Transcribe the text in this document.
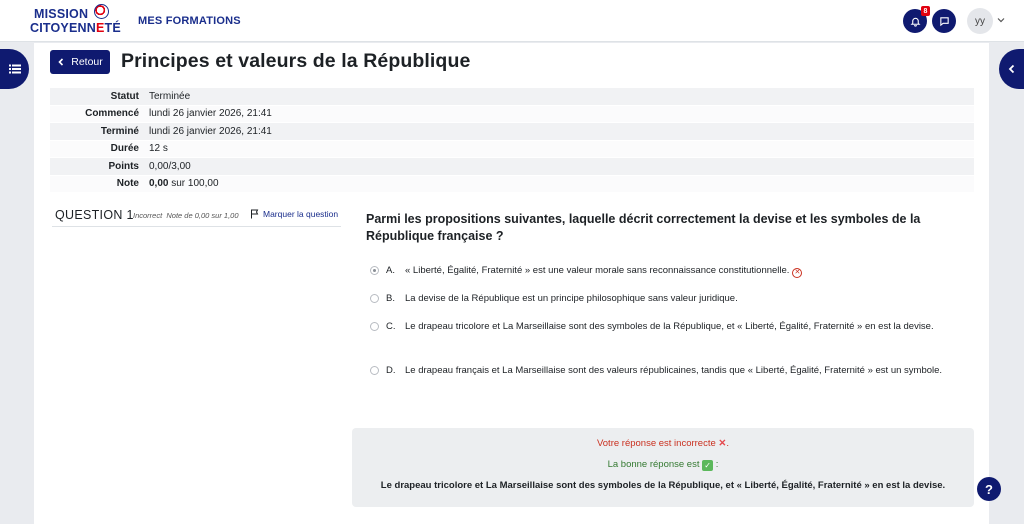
MISSION
CITOYENNETÉ MES FORMATIONS
8
yy
Retour Principes et valeurs de la République
Statut	Terminée
Commencé	lundi 26 janvier 2026, 21:41
Terminé	lundi 26 janvier 2026, 21:41
Durée	12 s
Points	0,00/3,00
Note	0,00 sur 100,00
QUESTION 1 Incorrect Note de 0,00 sur 1,00	Marquer la question Parmi les propositions suivantes, laquelle décrit correctement la devise et les symboles de la République française ?
A. « Liberté, Égalité, Fraternité » est une valeur morale sans reconnaissance constitutionnelle. ✕
B. La devise de la République est un principe philosophique sans valeur juridique.
C. Le drapeau tricolore et La Marseillaise sont des symboles de la République, et « Liberté, Égalité, Fraternité » en est la devise.
D. Le drapeau français et La Marseillaise sont des valeurs républicaines, tandis que « Liberté, Égalité, Fraternité » est un symbole.
Votre réponse est incorrecte ✕.
La bonne réponse est ✓ :
Le drapeau tricolore et La Marseillaise sont des symboles de la République, et « Liberté, Égalité, Fraternité » en est la devise.	?
